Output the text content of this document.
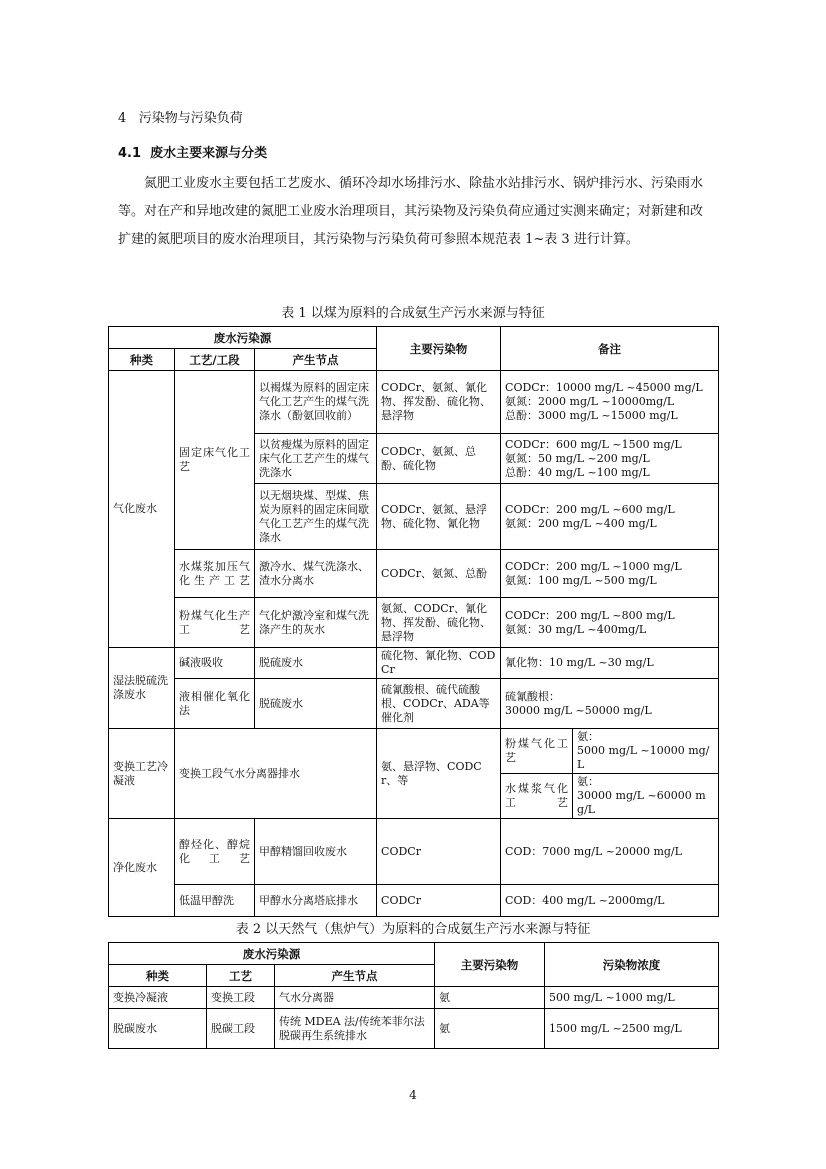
4 污染物与污染负荷
4.1 废水主要来源与分类
氮肥工业废水主要包括工艺废水、循环冷却水场排污水、除盐水站排污水、锅炉排污水、污染雨水等。对在产和异地改建的氮肥工业废水治理项目，其污染物及污染负荷应通过实测来确定；对新建和改扩建的氮肥项目的废水治理项目，其污染物与污染负荷可参照本规范表 1~表 3 进行计算。
表 1 以煤为原料的合成氨生产污水来源与特征
废水污染源			主要污染物	备注	
种类	工艺/工段	产生节点			
气化废水	固定床气化工艺	以褐煤为原料的固定床气化工艺产生的煤气洗涤水（酚氨回收前）	CODCr、氨氮、氰化物、挥发酚、硫化物、悬浮物	CODCr：10000 mg/L ~45000 mg/L
氨氮：2000 mg/L ~10000mg/L
总酚：3000 mg/L ~15000 mg/L	
		以贫瘦煤为原料的固定床气化工艺产生的煤气洗涤水	CODCr、氨氮、总酚、硫化物	CODCr：600 mg/L ~1500 mg/L
氨氮：50 mg/L ~200 mg/L
总酚：40 mg/L ~100 mg/L	
		以无烟块煤、型煤、焦炭为原料的固定床间歇气化工艺产生的煤气洗涤水	CODCr、氨氮、悬浮物、硫化物、氰化物	CODCr：200 mg/L ~600 mg/L
氨氮：200 mg/L ~400 mg/L	
	水煤浆加压气化生产工艺	激冷水、煤气洗涤水、渣水分离水	CODCr、氨氮、总酚	CODCr：200 mg/L ~1000 mg/L
氨氮：100 mg/L ~500 mg/L	
	粉煤气化生产工艺	气化炉激冷室和煤气洗涤产生的灰水	氨氮、CODCr、氰化物、挥发酚、硫化物、悬浮物	CODCr：200 mg/L ~800 mg/L
氨氮：30 mg/L ~400mg/L	
湿法脱硫洗涤废水	碱液吸收	脱硫废水	硫化物、氰化物、CODCr	氰化物：10 mg/L ~30 mg/L	
	液相催化氧化法	脱硫废水	硫氰酸根、硫代硫酸根、CODCr、ADA等催化剂	硫氰酸根：
30000 mg/L ~50000 mg/L	
变换工艺冷凝液	变换工段气水分离器排水		氨、悬浮物、CODCr、等	粉煤气化工艺	氨：
5000 mg/L ~10000 mg/L
				水煤浆气化工艺	氨：
30000 mg/L ~60000 mg/L
净化废水	醇烃化、醇烷化工艺	甲醇精馏回收废水	CODCr	COD：7000 mg/L ~20000 mg/L	
	低温甲醇洗	甲醇水分离塔底排水	CODCr	COD：400 mg/L ~2000mg/L	
表 2 以天然气（焦炉气）为原料的合成氨生产污水来源与特征
废水污染源			主要污染物	污染物浓度
种类	工艺	产生节点		
变换冷凝液	变换工段	气水分离器	氨	500 mg/L ~1000 mg/L
脱碳废水	脱碳工段	传统 MDEA 法/传统苯菲尔法脱碳再生系统排水	氨	1500 mg/L ~2500 mg/L
4
